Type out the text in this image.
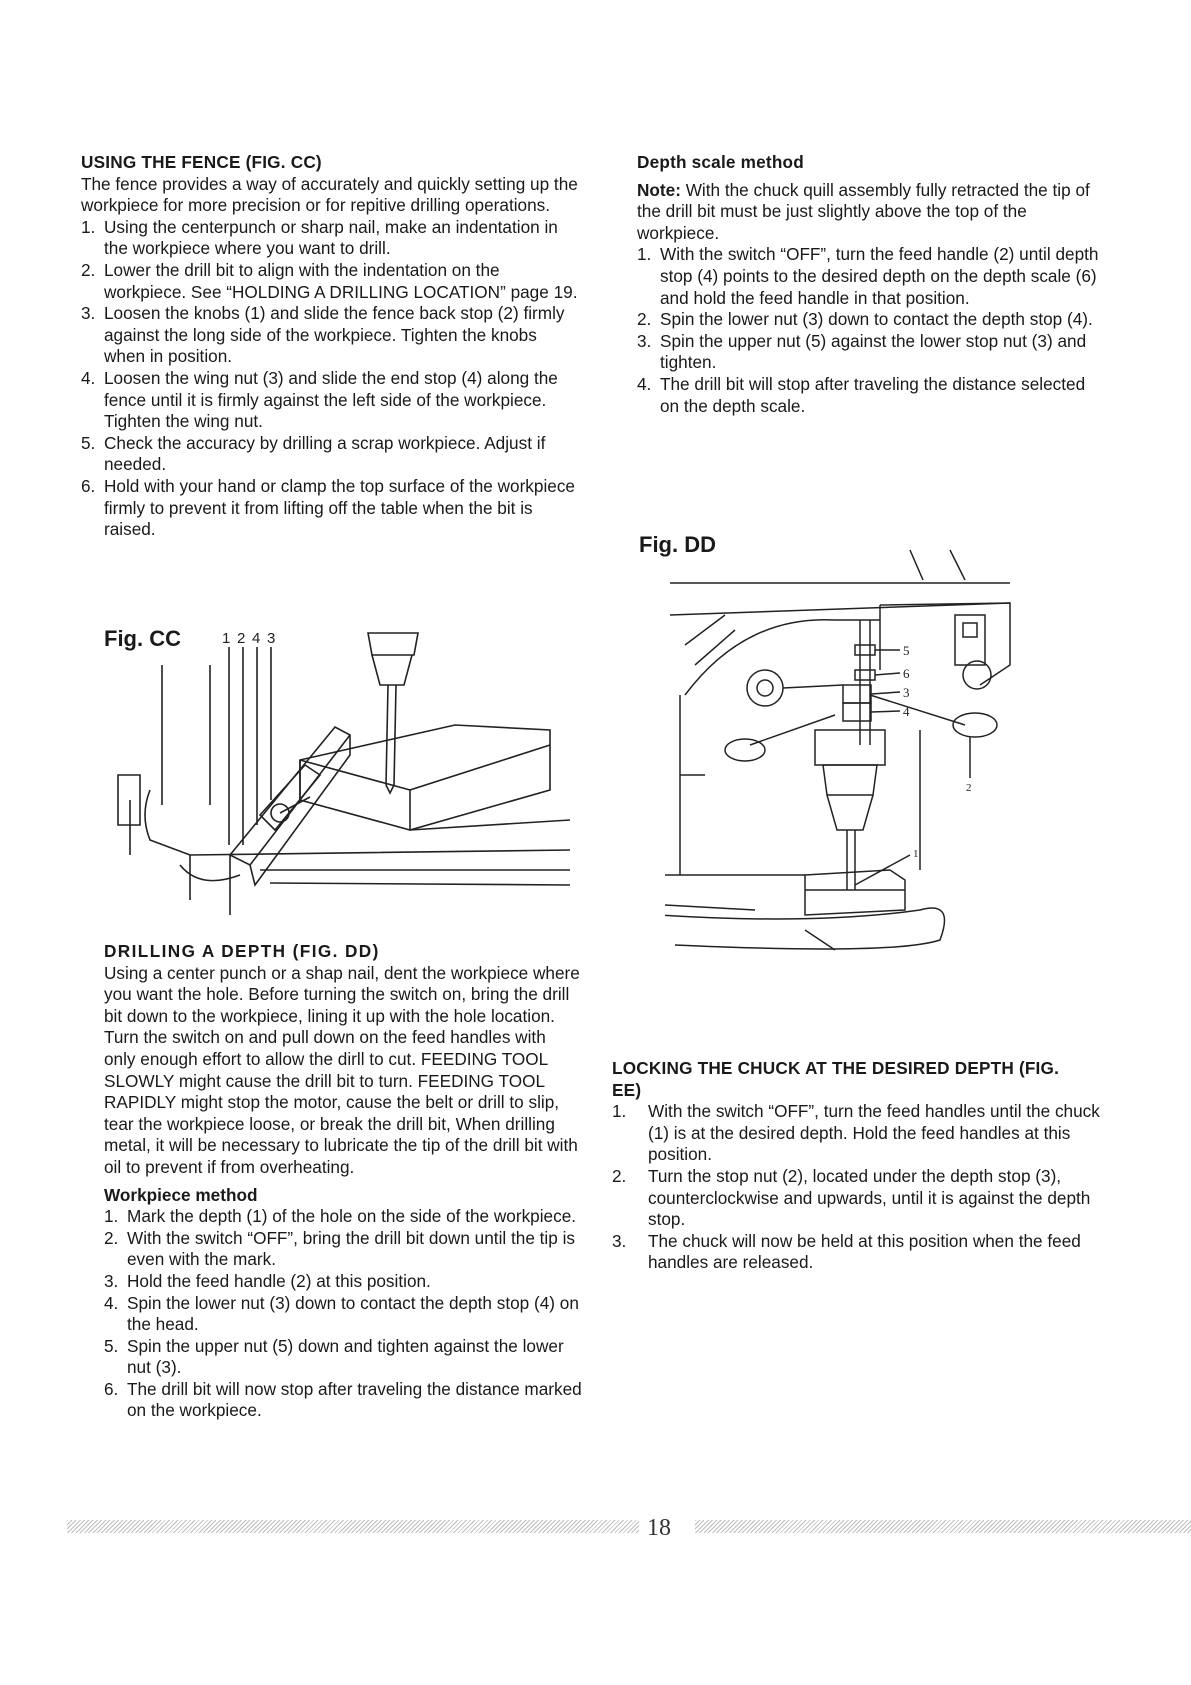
USING THE FENCE (FIG. CC)

The fence provides a way of accurately and quickly setting up the workpiece for more precision or for repitive drilling operations.

1. Using the centerpunch or sharp nail, make an indentation in the workpiece where you want to drill.
2. Lower the drill bit to align with the indentation on the workpiece. See “HOLDING A DRILLING LOCATION” page 19.
3. Loosen the knobs (1) and slide the fence back stop (2) firmly against the long side of the workpiece. Tighten the knobs when in position.
4. Loosen the wing nut (3) and slide the end stop (4) along the fence until it is firmly against the left side of the workpiece. Tighten the wing nut.
5. Check the accuracy by drilling a scrap workpiece. Adjust if needed.
6. Hold with your hand or clamp the top surface of the workpiece firmly to prevent it from lifting off the table when the bit is raised.
Fig. CC	1 2 4 3
DRILLING A DEPTH (FIG. DD)

Using a center punch or a shap nail, dent the workpiece where you want the hole. Before turning the switch on, bring the drill bit down to the workpiece, lining it up with the hole location. Turn the switch on and pull down on the feed handles with only enough effort to allow the dirll to cut. FEEDING TOOL SLOWLY might cause the drill bit to turn. FEEDING TOOL RAPIDLY might stop the motor, cause the belt or drill to slip, tear the workpiece loose, or break the drill bit, When drilling metal, it will be necessary to lubricate the tip of the drill bit with oil to prevent if from overheating.

Workpiece method
1. Mark the depth (1) of the hole on the side of the workpiece.
2. With the switch “OFF”, bring the drill bit down until the tip is even with the mark.
3. Hold the feed handle (2) at this position.
4. Spin the lower nut (3) down to contact the depth stop (4) on the head.
5. Spin the upper nut (5) down and tighten against the lower nut (3).
6. The drill bit will now stop after traveling the distance marked on the workpiece.
Depth scale method

Note: With the chuck quill assembly fully retracted the tip of the drill bit must be just slightly above the top of the workpiece.

1. With the switch “OFF”, turn the feed handle (2) until depth stop (4) points to the desired depth on the depth scale (6) and hold the feed handle in that position.
2. Spin the lower nut (3) down to contact the depth stop (4).
3. Spin the upper nut (5) against the lower stop nut (3) and tighten.
4. The drill bit will stop after traveling the distance selected on the depth scale.
Fig. DD
5
6
3
4
2
1
LOCKING THE CHUCK AT THE DESIRED DEPTH (FIG. EE)
1. With the switch “OFF”, turn the feed handles until the chuck (1) is at the desired depth. Hold the feed handles at this position.
2. Turn the stop nut (2), located under the depth stop (3), counterclockwise and upwards, until it is against the depth stop.
3. The chuck will now be held at this position when the feed handles are released.
18
